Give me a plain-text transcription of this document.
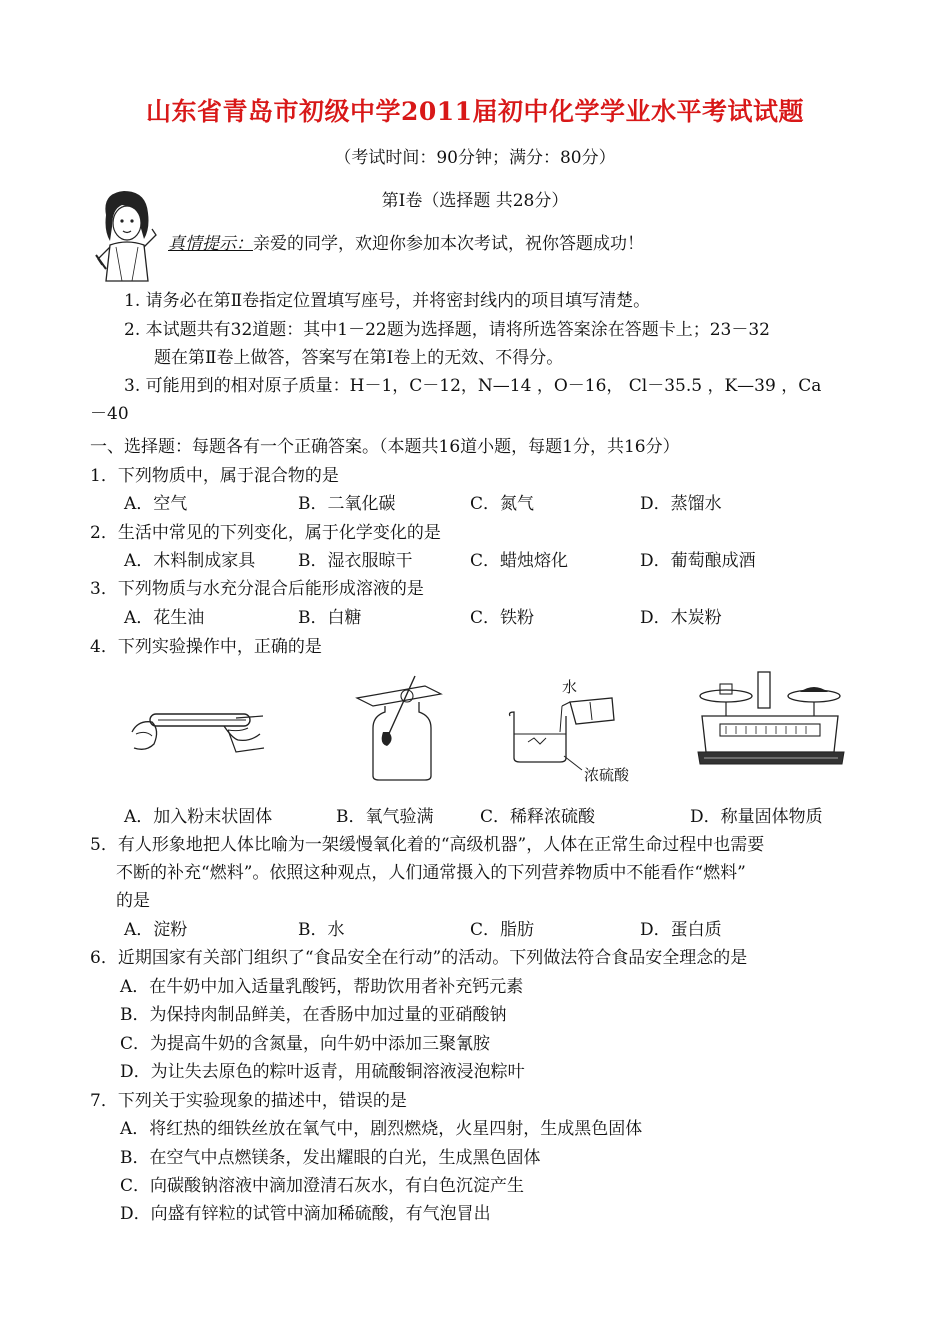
山东省青岛市初级中学2011届初中化学学业水平考试试题
（考试时间：90分钟；满分：80分）
第Ⅰ卷（选择题 共28分）
真情提示：亲爱的同学，欢迎你参加本次考试，祝你答题成功！
1. 请务必在第Ⅱ卷指定位置填写座号，并将密封线内的项目填写清楚。
2. 本试题共有32道题：其中1－22题为选择题，请将所选答案涂在答题卡上；23－32
题在第Ⅱ卷上做答，答案写在第Ⅰ卷上的无效、不得分。
3. 可能用到的相对原子质量：H－1，C－12，N—14 ，O－16， Cl－35.5 ，K—39 ，Ca
－40
一、选择题：每题各有一个正确答案。（本题共16道小题，每题1分，共16分）
1．下列物质中，属于混合物的是
A．空气	B．二氧化碳	C．氮气	D．蒸馏水
2．生活中常见的下列变化，属于化学变化的是
A．木料制成家具	B．湿衣服晾干	C．蜡烛熔化	D．葡萄酿成酒
3．下列物质与水充分混合后能形成溶液的是
A．花生油	B．白糖	C．铁粉	D．木炭粉
4．下列实验操作中，正确的是
水
浓硫酸
A．加入粉末状固体	B．氧气验满	C．稀释浓硫酸	D．称量固体物质
5．有人形象地把人体比喻为一架缓慢氧化着的“高级机器”，人体在正常生命过程中也需要
不断的补充“燃料”。依照这种观点，人们通常摄入的下列营养物质中不能看作“燃料”
的是
A．淀粉	B．水	C．脂肪	D．蛋白质
6．近期国家有关部门组织了“食品安全在行动”的活动。下列做法符合食品安全理念的是
A．在牛奶中加入适量乳酸钙，帮助饮用者补充钙元素
B．为保持肉制品鲜美，在香肠中加过量的亚硝酸钠
C．为提高牛奶的含氮量，向牛奶中添加三聚氰胺
D．为让失去原色的粽叶返青，用硫酸铜溶液浸泡粽叶
7．下列关于实验现象的描述中，错误的是
A．将红热的细铁丝放在氧气中，剧烈燃烧，火星四射，生成黑色固体
B．在空气中点燃镁条，发出耀眼的白光，生成黑色固体
C．向碳酸钠溶液中滴加澄清石灰水，有白色沉淀产生
D．向盛有锌粒的试管中滴加稀硫酸，有气泡冒出
